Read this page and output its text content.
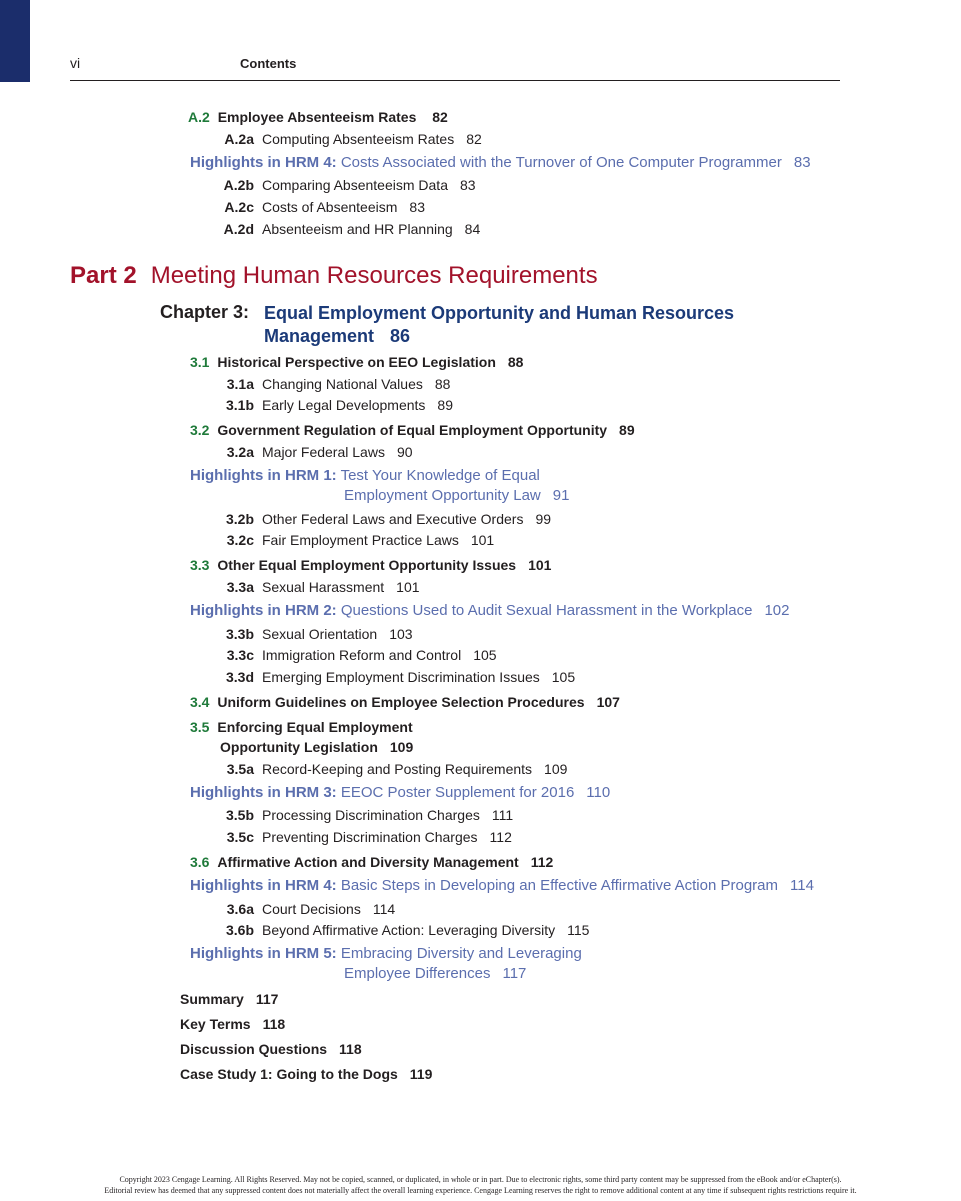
vi	Contents
A.2 Employee Absenteeism Rates 82
A.2a Computing Absenteeism Rates 82
Highlights in HRM 4: Costs Associated with the Turnover of One Computer Programmer 83
A.2b Comparing Absenteeism Data 83
A.2c Costs of Absenteeism 83
A.2d Absenteeism and HR Planning 84
Part 2 Meeting Human Resources Requirements
Chapter 3: Equal Employment Opportunity and Human Resources
Management 86
3.1 Historical Perspective on EEO Legislation 88
3.1a Changing National Values 88
3.1b Early Legal Developments 89
3.2 Government Regulation of Equal Employment Opportunity 89
3.2a Major Federal Laws 90
Highlights in HRM 1: Test Your Knowledge of Equal
Employment Opportunity Law 91
3.2b Other Federal Laws and Executive Orders 99
3.2c Fair Employment Practice Laws 101
3.3 Other Equal Employment Opportunity Issues 101
3.3a Sexual Harassment 101
Highlights in HRM 2: Questions Used to Audit Sexual Harassment in the Workplace 102
3.3b Sexual Orientation 103
3.3c Immigration Reform and Control 105
3.3d Emerging Employment Discrimination Issues 105
3.4 Uniform Guidelines on Employee Selection Procedures 107
3.5 Enforcing Equal Employment
Opportunity Legislation 109
3.5a Record-Keeping and Posting Requirements 109
Highlights in HRM 3: EEOC Poster Supplement for 2016 110
3.5b Processing Discrimination Charges 111
3.5c Preventing Discrimination Charges 112
3.6 Affirmative Action and Diversity Management 112
Highlights in HRM 4: Basic Steps in Developing an Effective Affirmative Action Program 114
3.6a Court Decisions 114
3.6b Beyond Affirmative Action: Leveraging Diversity 115
Highlights in HRM 5: Embracing Diversity and Leveraging
Employee Differences 117
Summary 117
Key Terms 118
Discussion Questions 118
Case Study 1: Going to the Dogs 119
Copyright 2023 Cengage Learning. All Rights Reserved. May not be copied, scanned, or duplicated, in whole or in part. Due to electronic rights, some third party content may be suppressed from the eBook and/or eChapter(s).
Editorial review has deemed that any suppressed content does not materially affect the overall learning experience. Cengage Learning reserves the right to remove additional content at any time if subsequent rights restrictions require it.
